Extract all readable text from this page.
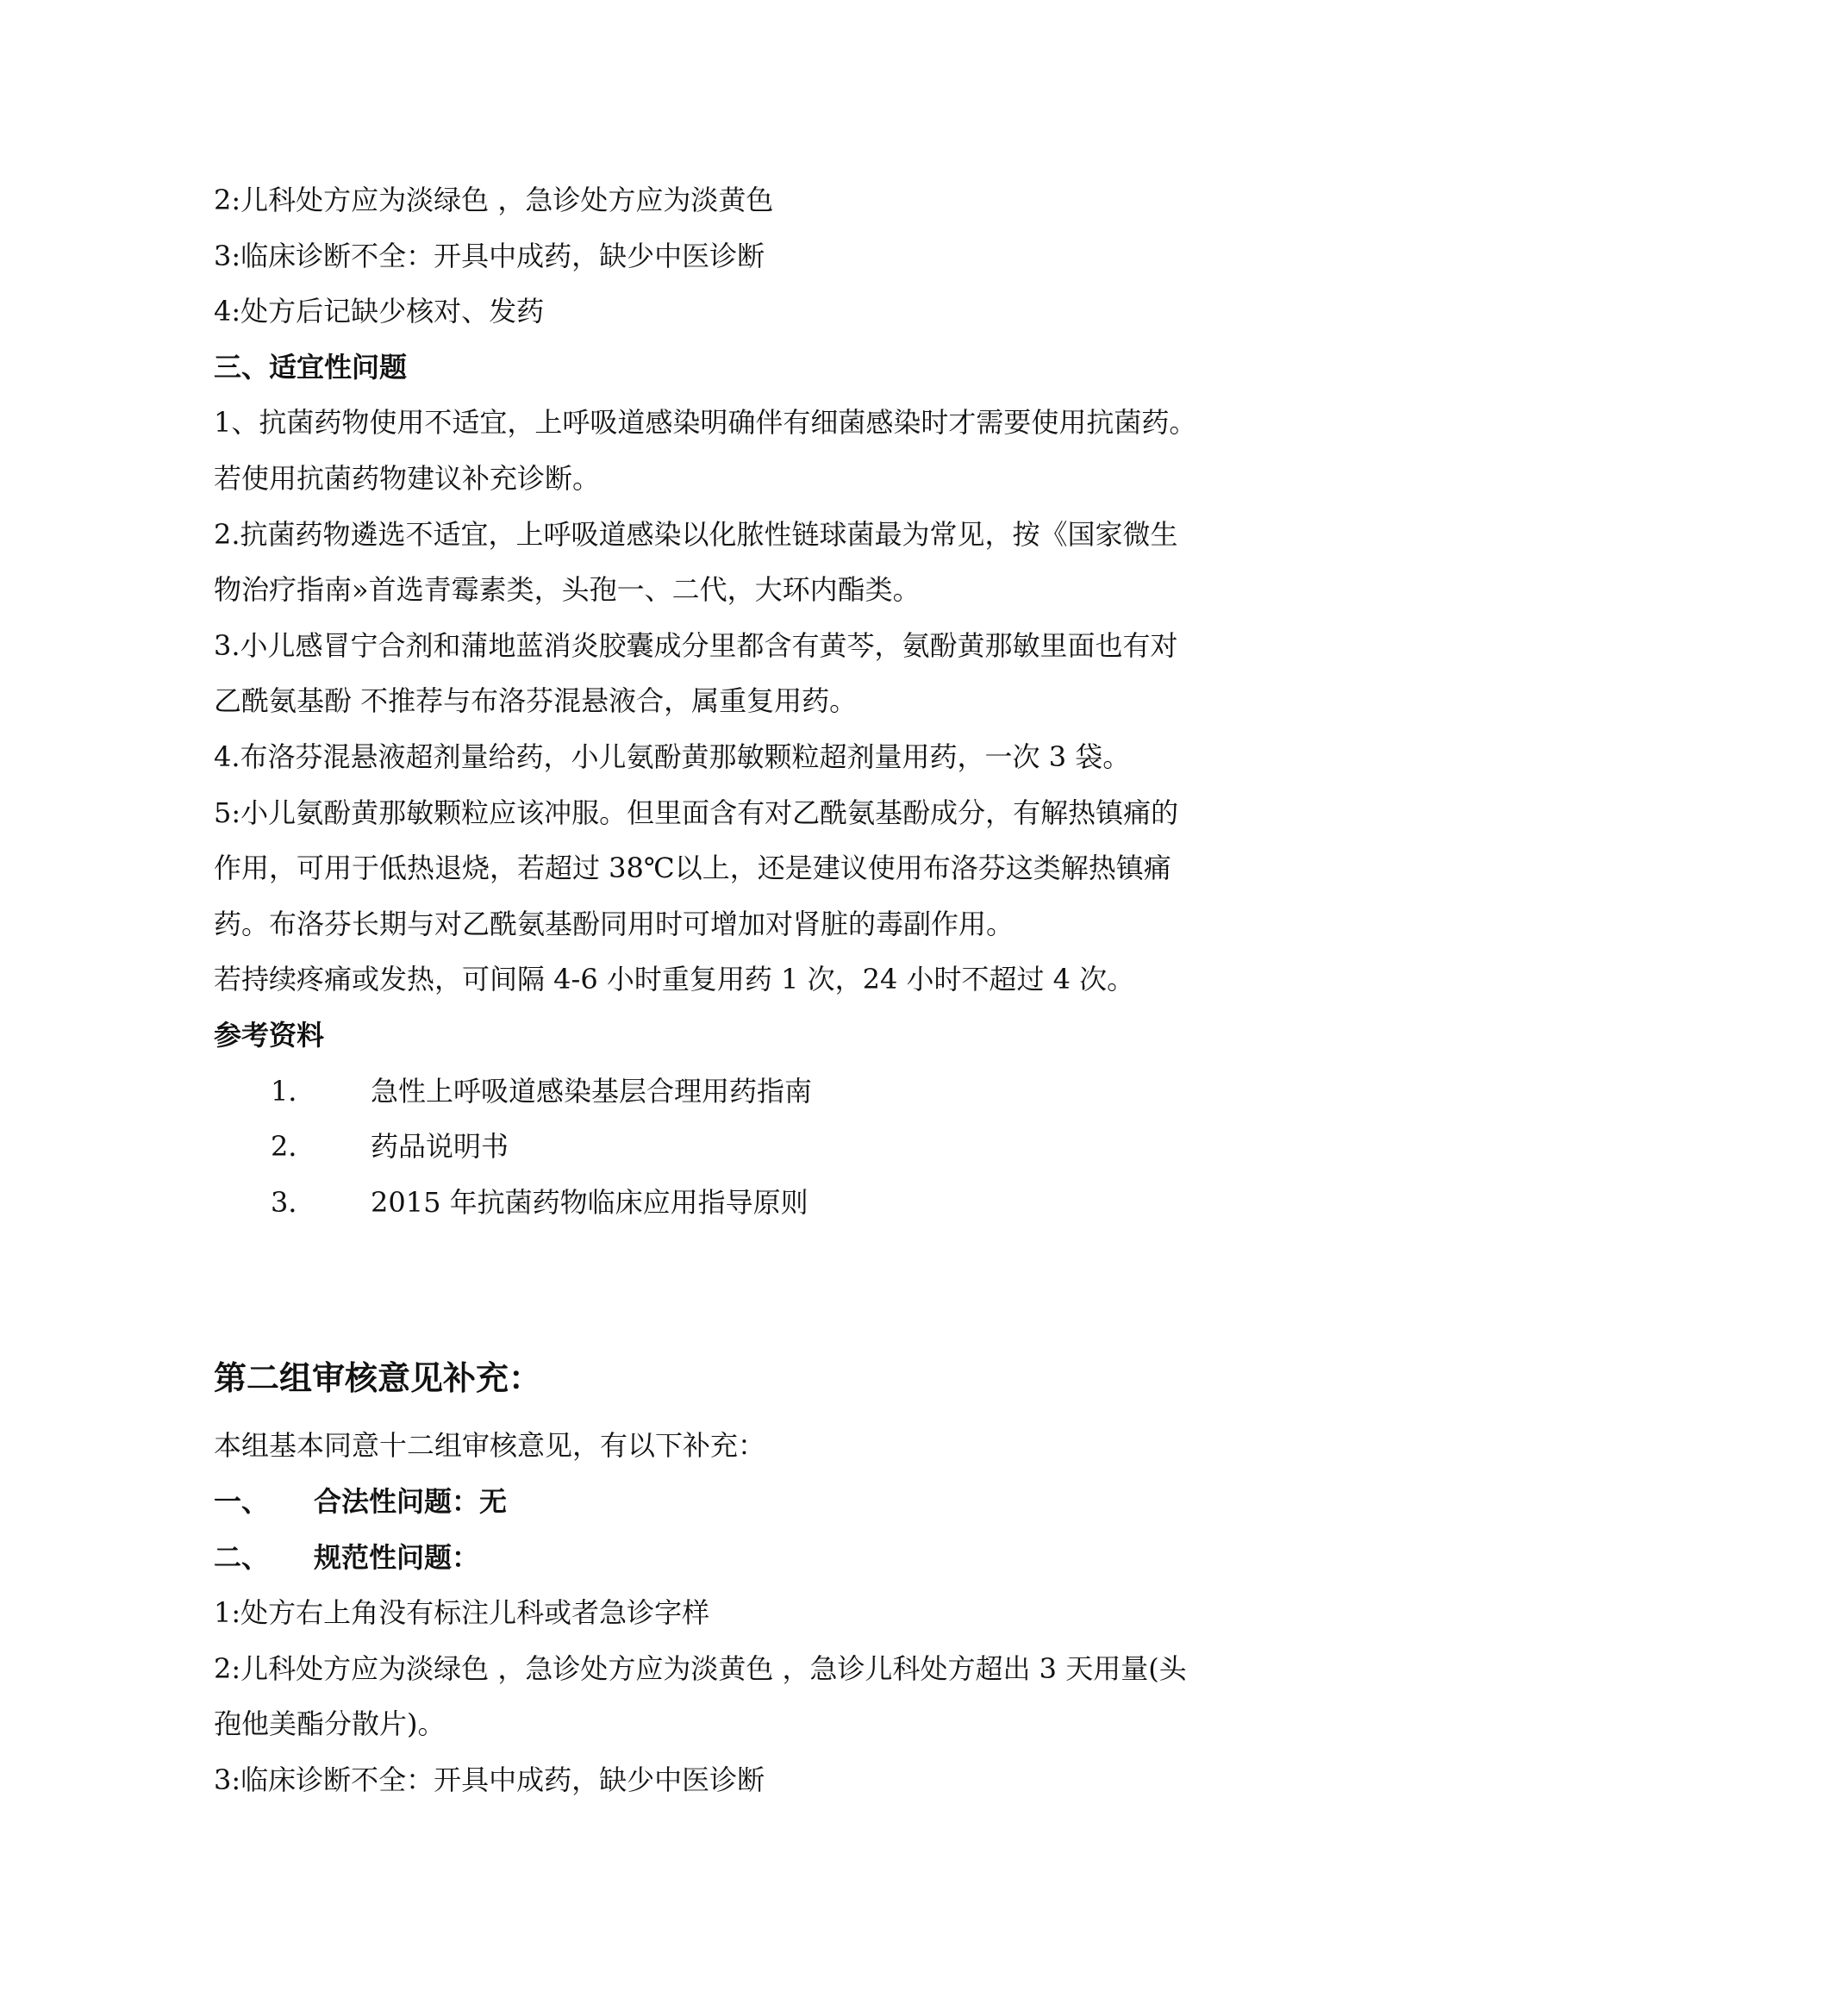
2:儿科处方应为淡绿色 ，急诊处方应为淡黄色
3:临床诊断不全：开具中成药，缺少中医诊断
4:处方后记缺少核对、发药
三、适宜性问题
1、抗菌药物使用不适宜，上呼吸道感染明确伴有细菌感染时才需要使用抗菌药。
若使用抗菌药物建议补充诊断。
2.抗菌药物遴选不适宜，上呼吸道感染以化脓性链球菌最为常见，按《国家微生
物治疗指南»首选青霉素类，头孢一、二代，大环内酯类。
3.小儿感冒宁合剂和蒲地蓝消炎胶囊成分里都含有黄芩，氨酚黄那敏里面也有对
乙酰氨基酚 不推荐与布洛芬混悬液合，属重复用药。
4.布洛芬混悬液超剂量给药，小儿氨酚黄那敏颗粒超剂量用药，一次 3 袋。
5:小儿氨酚黄那敏颗粒应该冲服。但里面含有对乙酰氨基酚成分，有解热镇痛的
作用，可用于低热退烧，若超过 38℃以上，还是建议使用布洛芬这类解热镇痛
药。布洛芬长期与对乙酰氨基酚同用时可增加对肾脏的毒副作用。
若持续疼痛或发热，可间隔 4-6 小时重复用药 1 次，24 小时不超过 4 次。
参考资料
1． 急性上呼吸道感染基层合理用药指南
2． 药品说明书
3． 2015 年抗菌药物临床应用指导原则
第二组审核意见补充：
本组基本同意十二组审核意见，有以下补充：
一、 合法性问题：无
二、 规范性问题：
1:处方右上角没有标注儿科或者急诊字样
2:儿科处方应为淡绿色 ，急诊处方应为淡黄色 ，急诊儿科处方超出 3 天用量(头
孢他美酯分散片)。
3:临床诊断不全：开具中成药，缺少中医诊断
